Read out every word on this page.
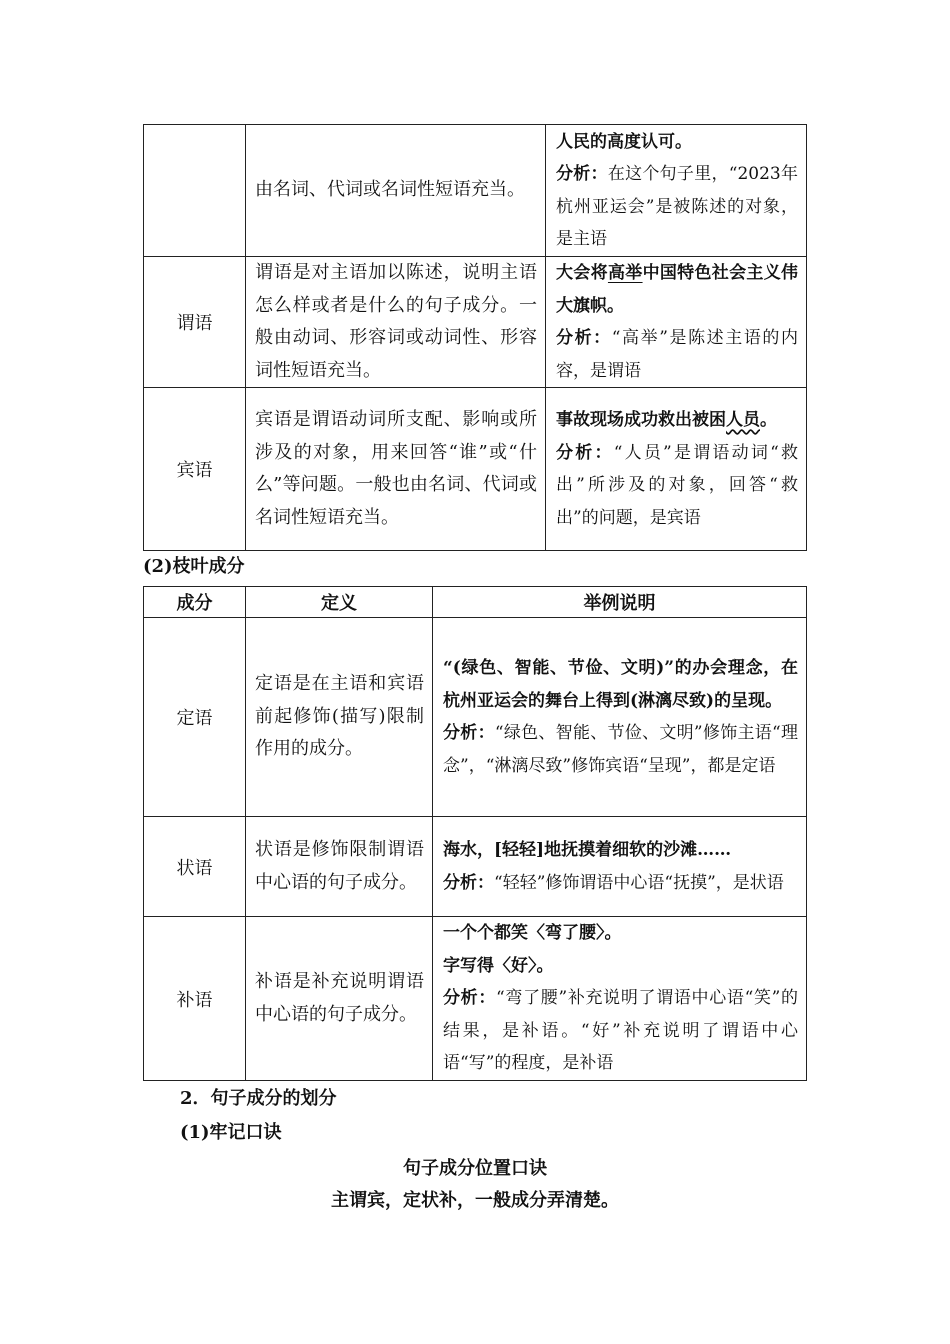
	由名词、代词或名词性短语充当。	人民的高度认可。

分析：在这个句子里，“2023年杭州亚运会”是被陈述的对象，是主语

谓语	谓语是对主语加以陈述，说明主语怎么样或者是什么的句子成分。一般由动词、形容词或动词性、形容词性短语充当。	大会将高举中国特色社会主义伟大旗帜。

分析：“高举”是陈述主语的内容，是谓语

宾语	宾语是谓语动词所支配、影响或所涉及的对象，用来回答“谁”或“什么”等问题。一般也由名词、代词或名词性短语充当。	事故现场成功救出被困人员。

分析：“人员”是谓语动词“救出”所涉及的对象，回答“救出”的问题，是宾语

(2)枝叶成分
成分	定义	举例说明
定语	定语是在主语和宾语前起修饰(描写)限制作用的成分。	“(绿色、智能、节俭、文明)”的办会理念，在杭州亚运会的舞台上得到(淋漓尽致)的呈现。

分析：“绿色、智能、节俭、文明”修饰主语“理念”，“淋漓尽致”修饰宾语“呈现”，都是定语

状语	状语是修饰限制谓语中心语的句子成分。	海水，[轻轻]地抚摸着细软的沙滩……

分析：“轻轻”修饰谓语中心语“抚摸”，是状语

补语	补语是补充说明谓语中心语的句子成分。	一个个都笑〈弯了腰〉。

字写得〈好〉。

分析：“弯了腰”补充说明了谓语中心语“笑”的结果，是补语。“好”补充说明了谓语中心语“写”的程度，是补语

2．句子成分的划分
(1)牢记口诀
句子成分位置口诀
主谓宾，定状补，一般成分弄清楚。
